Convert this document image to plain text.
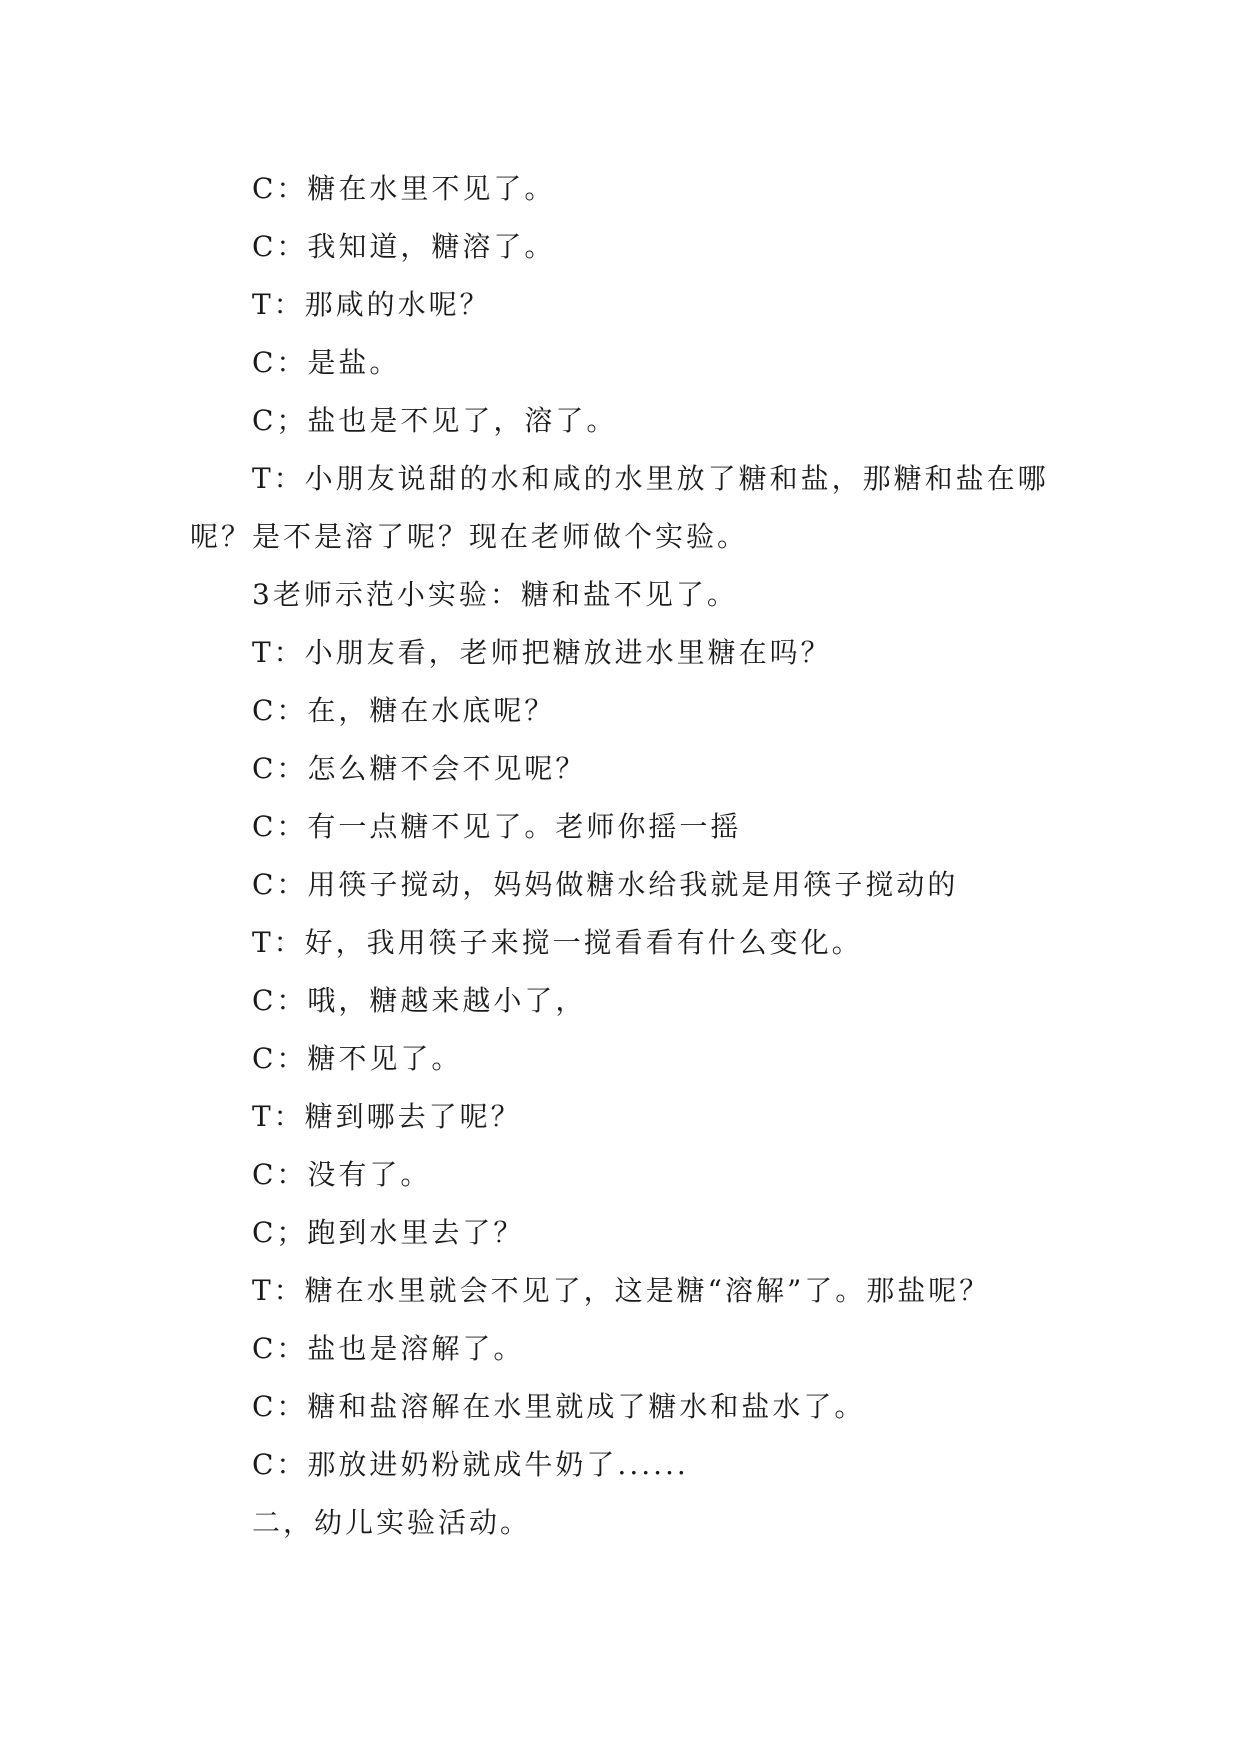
C：糖在水里不见了。

C：我知道，糖溶了。

T：那咸的水呢？

C：是盐。

C；盐也是不见了，溶了。

T：小朋友说甜的水和咸的水里放了糖和盐，那糖和盐在哪呢？是不是溶了呢？现在老师做个实验。

3老师示范小实验：糖和盐不见了。

T：小朋友看，老师把糖放进水里糖在吗？

C：在，糖在水底呢？

C：怎么糖不会不见呢？

C：有一点糖不见了。老师你摇一摇

C：用筷子搅动，妈妈做糖水给我就是用筷子搅动的

T：好，我用筷子来搅一搅看看有什么变化。

C：哦，糖越来越小了，

C：糖不见了。

T：糖到哪去了呢？

C：没有了。

C；跑到水里去了？

T：糖在水里就会不见了，这是糖“溶解”了。那盐呢？

C：盐也是溶解了。

C：糖和盐溶解在水里就成了糖水和盐水了。

C：那放进奶粉就成牛奶了......

二，幼儿实验活动。
